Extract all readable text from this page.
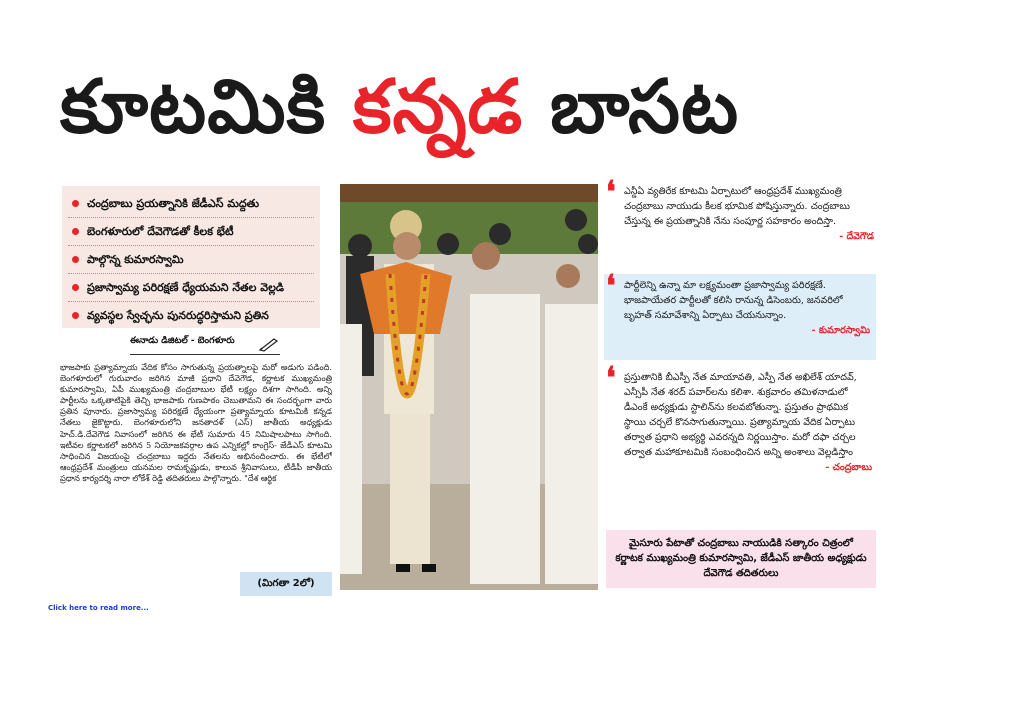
కూటమికి కన్నడ బాసట
చంద్రబాబు ప్రయత్నానికి జేడీఎస్ మద్దతు
బెంగళూరులో దేవెగౌడతో కీలక భేటీ
పాల్గొన్న కుమారస్వామి
ప్రజాస్వామ్య పరిరక్షణే ధ్యేయమని నేతల వెల్లడి
వ్యవస్థల స్వేచ్ఛను పునరుద్ధరిస్తామని ప్రతిన
ఈనాడు డిజిటల్ - బెంగళూరు
భాజపాకు ప్రత్యామ్నాయ వేదిక కోసం సాగుతున్న ప్రయత్నాలపై మరో అడుగు పడింది. బెంగళూరులో గురువారం జరిగిన మాజీ ప్రధాని దేవెగౌడ, కర్ణాటక ముఖ్యమంత్రి కుమారస్వామి, ఏపీ ముఖ్యమంత్రి చంద్రబాబుల భేటీ లక్ష్యం దిశగా సాగింది. అన్ని పార్టీలను ఒక్కతాటిపైకి తెచ్చి భాజపాకు గుణపాఠం చెబుతామని ఈ సందర్భంగా వారు ప్రతిన పూనారు. ప్రజాస్వామ్య పరిరక్షణే ధ్యేయంగా ప్రత్యామ్నాయ కూటమికి కన్నడ నేతలు జైకొట్టారు. బెంగళూరులోని జనతాదళ్ (ఎస్) జాతీయ అధ్యక్షుడు హెచ్.డి.దేవెగౌడ నివాసంలో జరిగిన ఈ భేటీ సుమారు 45 నిమిషాలపాటు సాగింది. ఇటీవల కర్ణాటకలో జరిగిన 5 నియోజకవర్గాల ఉప ఎన్నికల్లో కాంగ్రెస్- జేడీఎస్ కూటమి సాధించిన విజయంపై చంద్రబాబు ఇద్దరు నేతలను అభినందించారు. ఈ భేటీలో ఆంధ్రప్రదేశ్ మంత్రులు యనమల రామకృష్ణుడు, కాలువ శ్రీనివాసులు, టీడీపీ జాతీయ ప్రధాన కార్యదర్శి నారా లోకేశ్ రెడ్డి తదితరులు పాల్గొన్నారు. "దేశ ఆర్థిక
(మిగతా 2లో)
❛ ఎన్డీఏ వ్యతిరేక కూటమి ఏర్పాటులో ఆంధ్రప్రదేశ్ ముఖ్యమంత్రి చంద్రబాబు నాయుడు కీలక భూమిక పోషిస్తున్నారు. చంద్రబాబు చేస్తున్న ఈ ప్రయత్నానికి నేను సంపూర్ణ సహకారం అందిస్తా.
- దేవెగౌడ
❛ పార్టీలెన్ని ఉన్నా మా లక్ష్యమంతా ప్రజాస్వామ్య పరిరక్షణే. భాజపాయేతర పార్టీలతో కలిసి రానున్న డిసెంబరు, జనవరిలో బృహత్ సమావేశాన్ని ఏర్పాటు చేయనున్నాం.
- కుమారస్వామి
❛ ప్రస్తుతానికి బీఎస్పీ నేత మాయావతి, ఎస్పీ నేత అఖిలేశ్ యాదవ్, ఎన్సీపీ నేత శరద్ పవార్‌లను కలిశా. శుక్రవారం తమిళనాడులో డీఎంకే అధ్యక్షుడు స్టాలిన్‌ను కలవబోతున్నా. ప్రస్తుతం ప్రాథమిక స్థాయి చర్చలే కొనసాగుతున్నాయి. ప్రత్యామ్నాయ వేదిక ఏర్పాటు తర్వాత ప్రధాని అభ్యర్థి ఎవరన్నది నిర్ణయిస్తాం. మరో దఫా చర్చల తర్వాత మహాకూటమికి సంబంధించిన అన్ని అంశాలు వెల్లడిస్తాం
- చంద్రబాబు
మైసూరు పేటాతో చంద్రబాబు నాయుడికి సత్కారం చిత్రంలో కర్ణాటక ముఖ్యమంత్రి కుమారస్వామి, జేడీఎస్ జాతీయ అధ్యక్షుడు దేవెగౌడ తదితరులు
Click here to read more...
